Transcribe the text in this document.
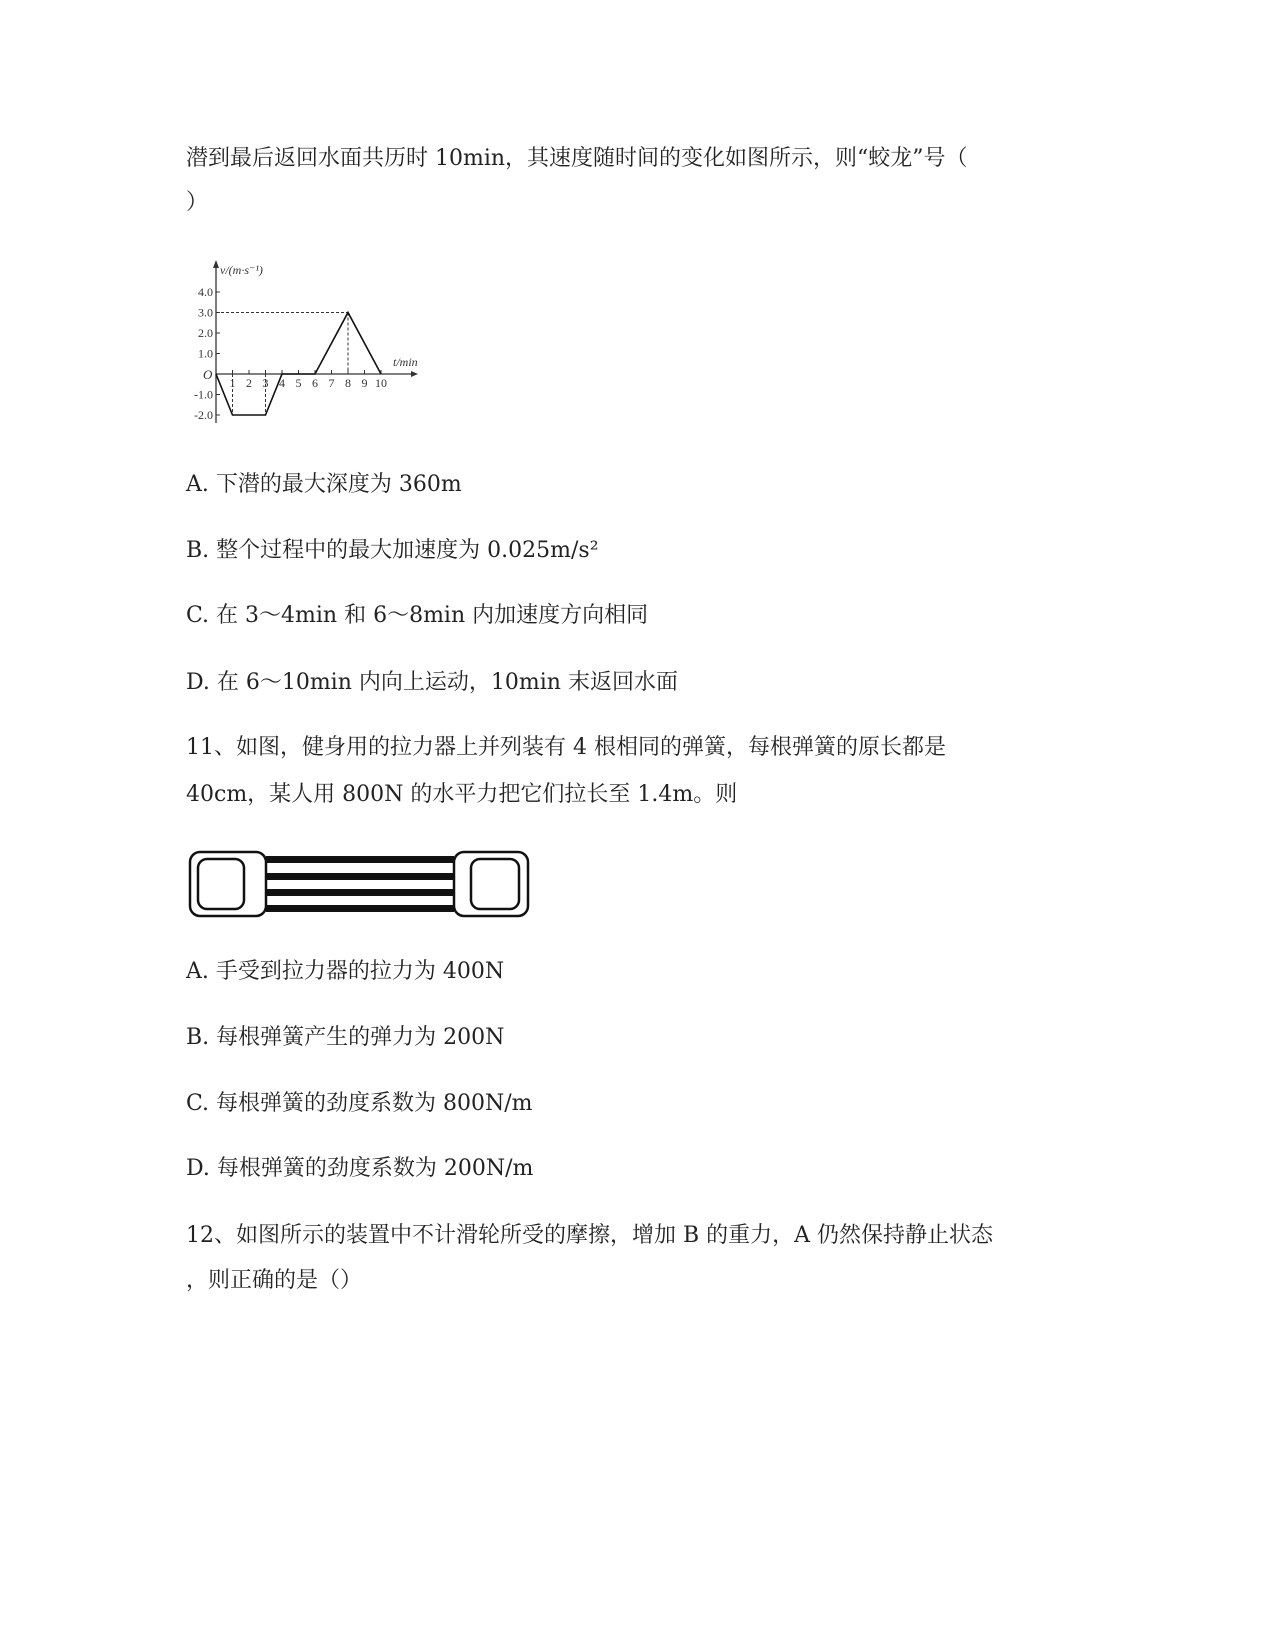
潜到最后返回水面共历时 10min，其速度随时间的变化如图所示，则“蛟龙”号（

）

v/(m·s⁻¹)
t/min
O
4.0
3.0
2.0
1.0
-1.0
-2.0
1 2 3 4 5 6 7 8 9 10

A. 下潜的最大深度为 360m

B. 整个过程中的最大加速度为 0.025m/s²

C. 在 3～4min 和 6～8min 内加速度方向相同

D. 在 6～10min 内向上运动，10min 末返回水面

11、如图，健身用的拉力器上并列装有 4 根相同的弹簧，每根弹簧的原长都是

40cm，某人用 800N 的水平力把它们拉长至 1.4m。则

A. 手受到拉力器的拉力为 400N

B. 每根弹簧产生的弹力为 200N

C. 每根弹簧的劲度系数为 800N/m

D. 每根弹簧的劲度系数为 200N/m

12、如图所示的装置中不计滑轮所受的摩擦，增加 B 的重力，A 仍然保持静止状态

，则正确的是（）
